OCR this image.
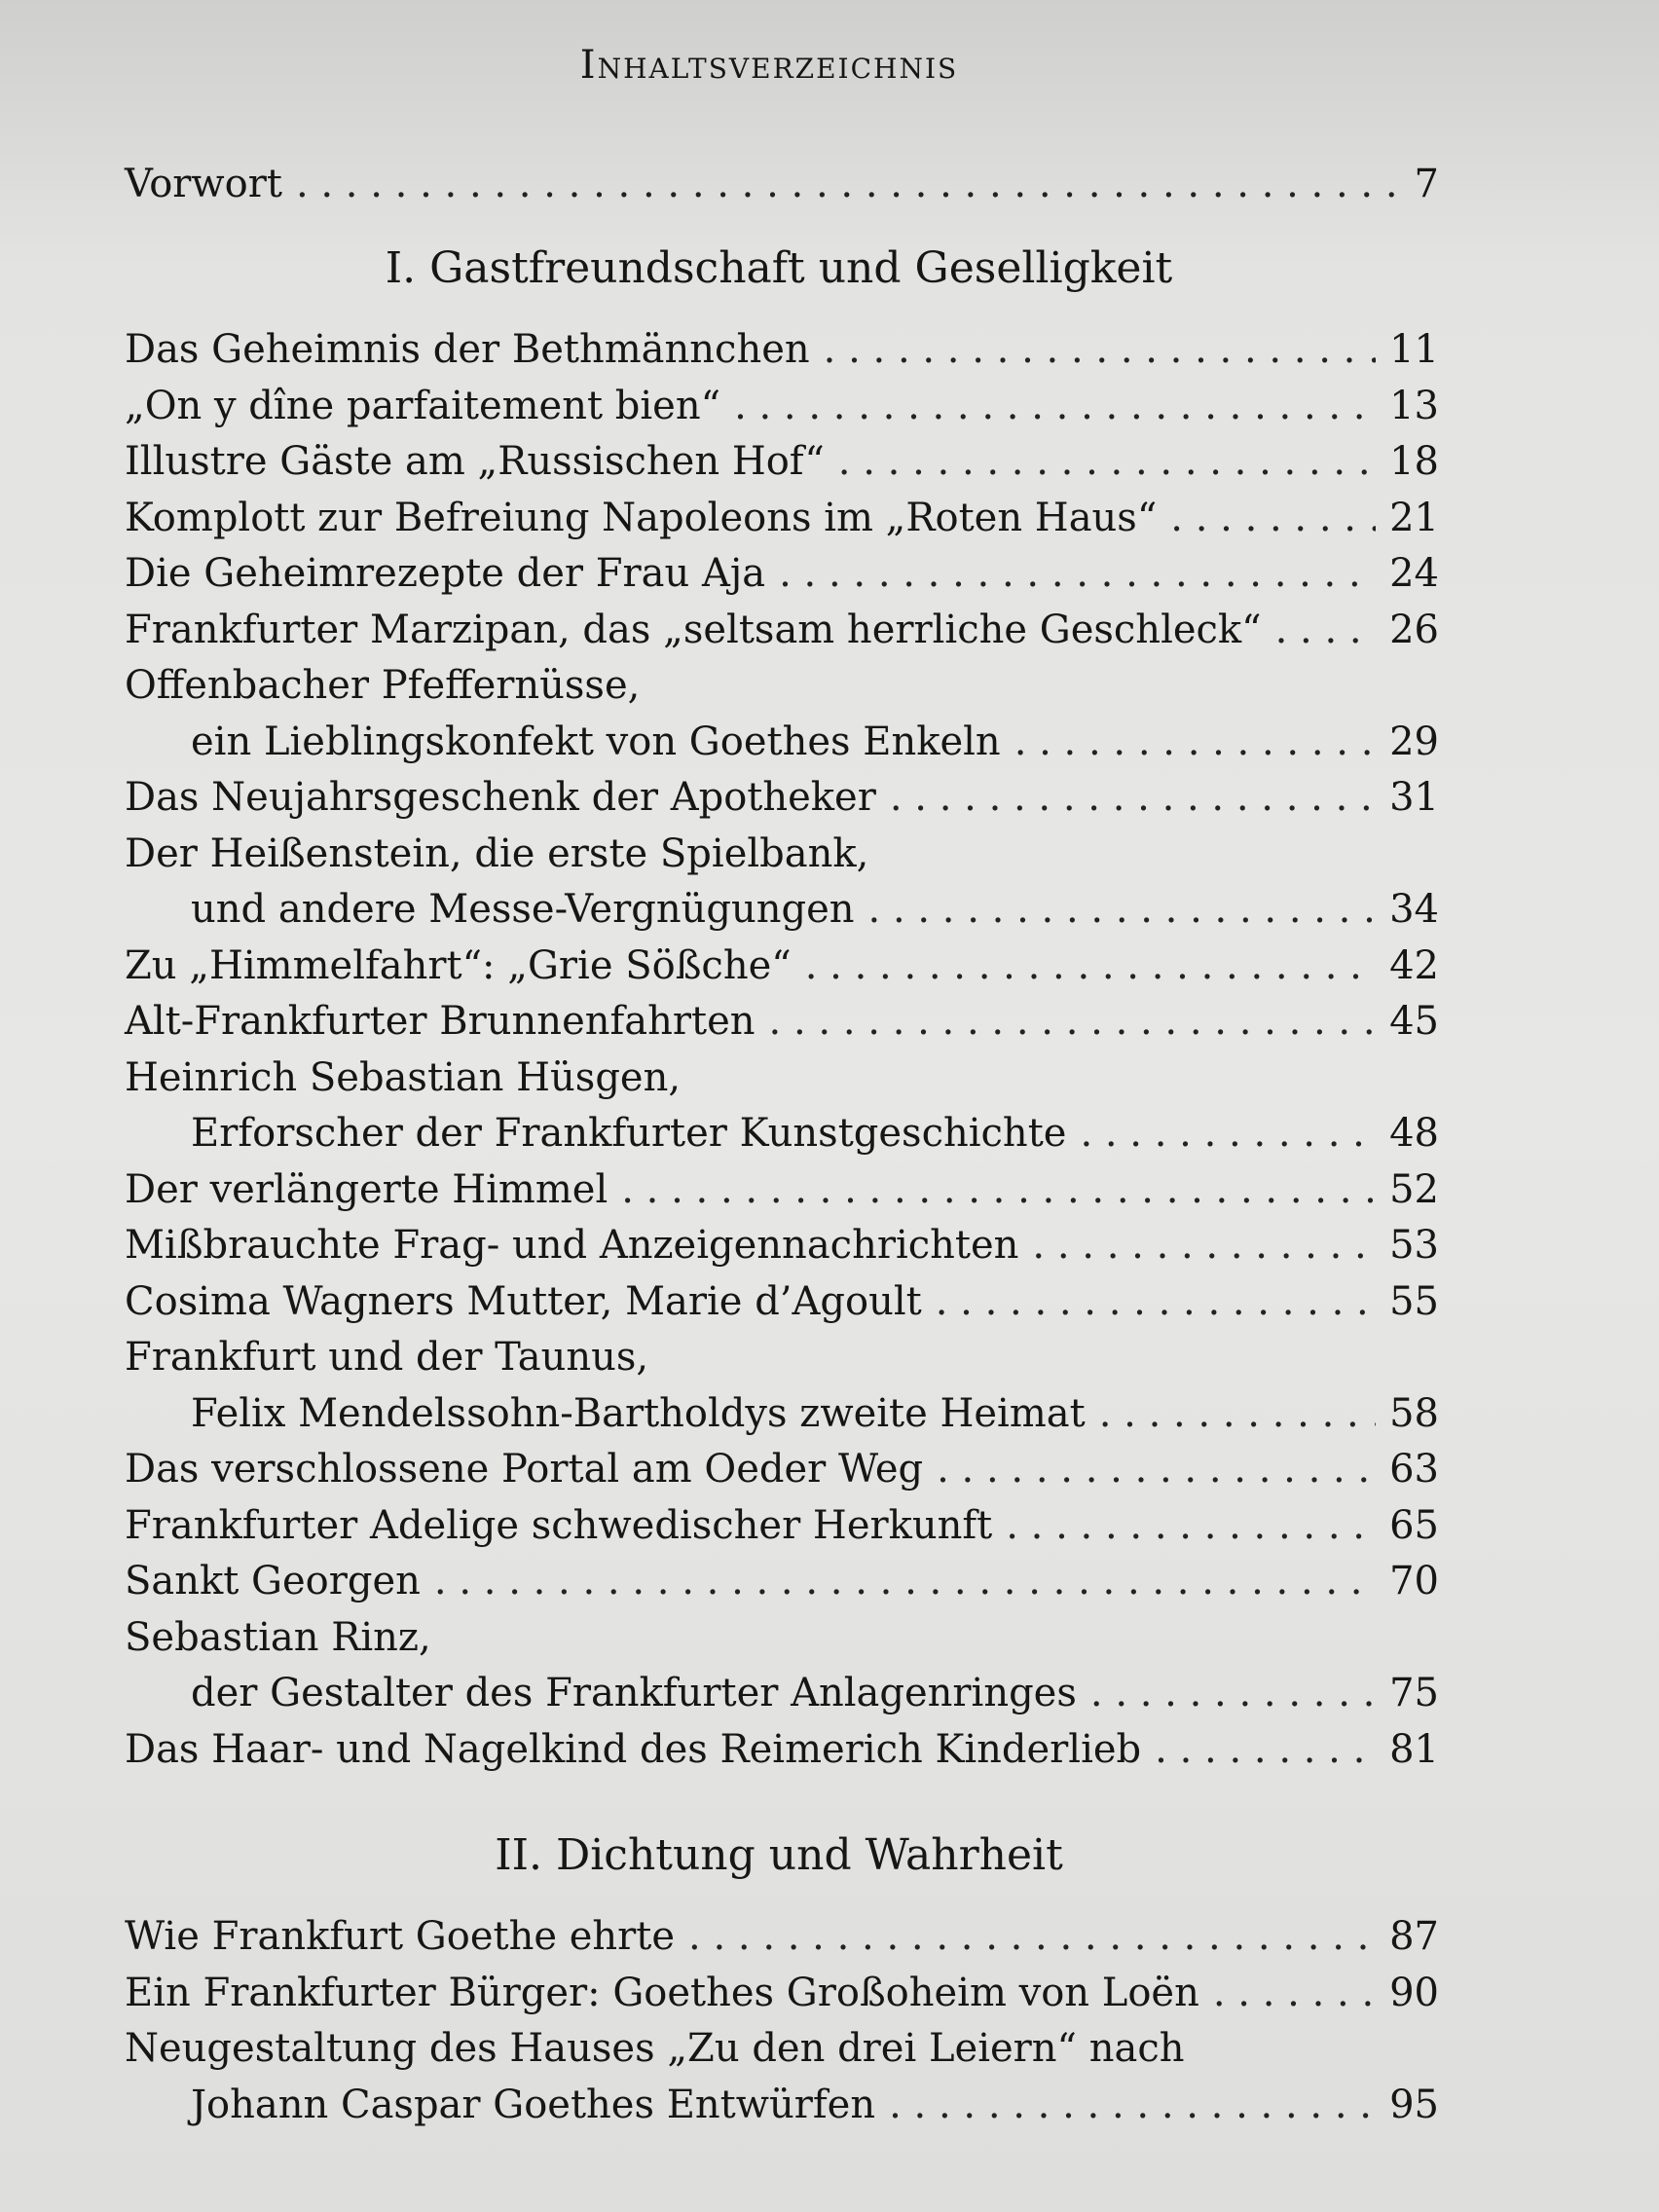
Inhaltsverzeichnis
Vorwort . . .	7
I. Gastfreundschaft und Geselligkeit
Das Geheimnis der Bethmännchen . . .	11
„On y dîne parfaitement bien“ . . .	13
Illustre Gäste am „Russischen Hof“ . . .	18
Komplott zur Befreiung Napoleons im „Roten Haus“ . . .	21
Die Geheimrezepte der Frau Aja . . .	24
Frankfurter Marzipan, das „seltsam herrliche Geschleck“ . . .	26
Offenbacher Pfeffernüsse,
ein Lieblingskonfekt von Goethes Enkeln . . .	29
Das Neujahrsgeschenk der Apotheker . . .	31
Der Heißenstein, die erste Spielbank,
und andere Messe-Vergnügungen . . .	34
Zu „Himmelfahrt“: „Grie Sößche“ . . .	42
Alt-Frankfurter Brunnenfahrten . . .	45
Heinrich Sebastian Hüsgen,
Erforscher der Frankfurter Kunstgeschichte . . .	48
Der verlängerte Himmel . . .	52
Mißbrauchte Frag- und Anzeigennachrichten . . .	53
Cosima Wagners Mutter, Marie d’Agoult . . .	55
Frankfurt und der Taunus,
Felix Mendelssohn-Bartholdys zweite Heimat . . .	58
Das verschlossene Portal am Oeder Weg . . .	63
Frankfurter Adelige schwedischer Herkunft . . .	65
Sankt Georgen . . .	70
Sebastian Rinz,
der Gestalter des Frankfurter Anlagenringes . . .	75
Das Haar- und Nagelkind des Reimerich Kinderlieb . . .	81
II. Dichtung und Wahrheit
Wie Frankfurt Goethe ehrte . . .	87
Ein Frankfurter Bürger: Goethes Großoheim von Loën . . .	90
Neugestaltung des Hauses „Zu den drei Leiern“ nach
Johann Caspar Goethes Entwürfen . . .	95
